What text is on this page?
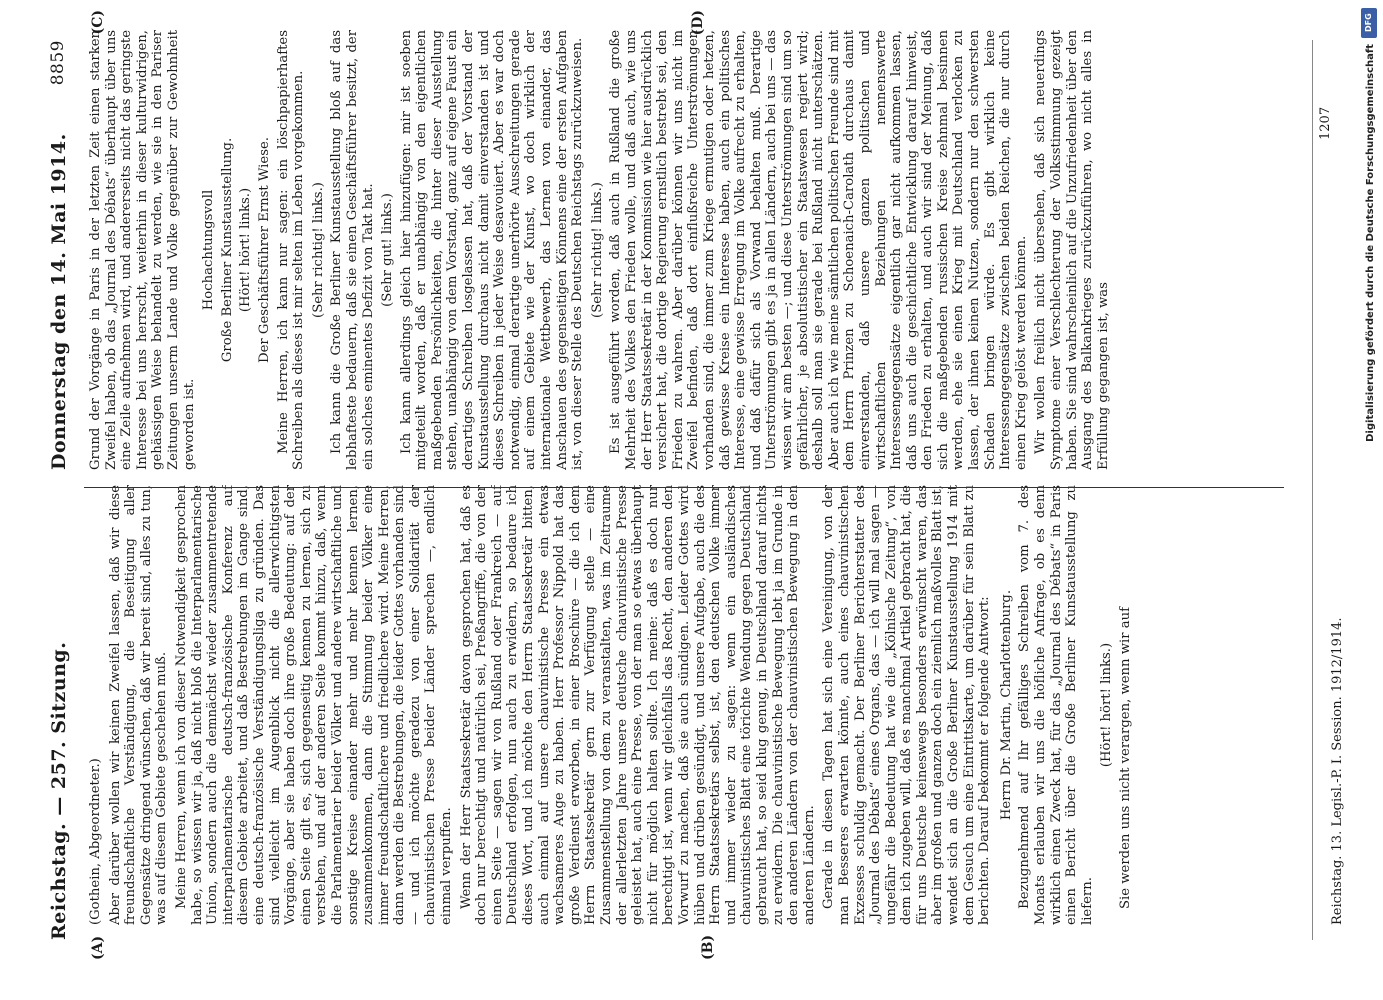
Reichstag. — 257. Sitzung.
Donnerstag den 14. Mai 1914.
8859
(A)	(B)
(C)	(D)

(Gothein, Abgeordneter.) Aber darüber wollen wir keinen Zweifel lassen, daß wir diese freundschaftliche Verständigung, die Beseitigung aller Gegensätze dringend wünschen, daß wir bereit sind, alles zu tun, was auf diesem Gebiete geschehen muß. Meine Herren, wenn ich von dieser Notwendigkeit gesprochen habe, so wissen wir ja, daß nicht bloß die Interparlamentarische Union, sondern auch die demnächst wieder zusammentretende interparlamentarische deutsch-französische Konferenz auf diesem Gebiete arbeitet, und daß Bestrebungen im Gange sind, eine deutsch-französische Verständigungsliga zu gründen. Das sind vielleicht im Augenblick nicht die allerwichtigsten Vorgänge, aber sie haben doch ihre große Bedeutung: auf der einen Seite gilt es, sich gegenseitig kennen zu lernen, sich zu verstehen, und auf der anderen Seite kommt hinzu, daß, wenn die Parlamentarier beider Völker und andere wirtschaftliche und sonstige Kreise einander mehr und mehr kennen lernen, zusammenkommen, dann die Stimmung beider Völker eine immer freundschaftlichere und friedlichere wird. Meine Herren, dann werden die Bestrebungen, die leider Gottes vorhanden sind — und ich möchte geradezu von einer Solidarität der chauvinistischen Presse beider Länder sprechen —, endlich einmal verpuffen. Wenn der Herr Staatssekretär davon gesprochen hat, daß es doch nur berechtigt und natürlich sei, Preßangriffe, die von der einen Seite — sagen wir von Rußland oder Frankreich — auf Deutschland erfolgen, nun auch zu erwidern, so bedaure ich dieses Wort, und ich möchte den Herrn Staatssekretär bitten, auch einmal auf unsere chauvinistische Presse ein etwas wachsameres Auge zu haben. Herr Professor Nippold hat das große Verdienst erworben, in einer Broschüre — die ich dem Herrn Staatssekretär gern zur Verfügung stelle — eine Zusammenstellung von dem zu veranstalten, was im Zeitraume der allerletzten Jahre unsere deutsche chauvinistische Presse geleistet hat, auch eine Presse, von der man so etwas überhaupt nicht für möglich halten sollte. Ich meine: daß es doch nur berechtigt ist, wenn wir gleichfalls das Recht, den anderen den Vorwurf zu machen, daß sie auch sündigen. Leider Gottes wird hüben und drüben gesündigt, und unsere Aufgabe, auch die des Herrn Staatssekretärs selbst, ist, den deutschen Volke immer und immer wieder zu sagen: wenn ein ausländisches chauvinistisches Blatt eine törichte Wendung gegen Deutschland gebraucht hat, so seid klug genug, in Deutschland darauf nichts zu erwidern. Die chauvinistische Bewegung lebt ja im Grunde in den anderen Ländern von der chauvinistischen Bewegung in den anderen Ländern. Gerade in diesen Tagen hat sich eine Vereinigung, von der man Besseres erwarten könnte, auch eines chauvinistischen Exzesses schuldig gemacht. Der Berliner Berichterstatter des „Journal des Débats“ eines Organs, das — ich will mal sagen — ungefähr die Bedeutung hat wie die „Kölnische Zeitung“, von dem ich zugeben will, daß es manchmal Artikel gebracht hat, die für uns Deutsche keineswegs besonders erwünscht waren, das aber im großen und ganzen doch ein ziemlich maßvolles Blatt ist, wendet sich an die Große Berliner Kunstausstellung 1914 mit dem Gesuch um eine Eintrittskarte, um darüber für sein Blatt zu berichten. Darauf bekommt er folgende Antwort: Herrn Dr. Martin, Charlottenburg. Bezugnehmend auf Ihr gefälliges Schreiben vom 7. des Monats erlauben wir uns die höfliche Anfrage, ob es denn wirklich einen Zweck hat, für das „Journal des Débats“ in Paris einen Bericht über die Große Berliner Kunstausstellung zu liefern.

(Hört! hört! links.) Sie werden uns nicht verargen, wenn wir auf

Grund der Vorgänge in Paris in der letzten Zeit einen starken Zweifel haben, ob das „Journal des Débats“ überhaupt über uns eine Zeile aufnehmen wird, und andererseits nicht das geringste Interesse bei uns herrscht, weiterhin in dieser kulturwidrigen, gehässigen Weise behandelt zu werden, wie sie in den Pariser Zeitungen unserm Lande und Volke gegenüber zur Gewohnheit geworden ist.

Hochachtungsvoll Große Berliner Kunstausstellung. (Hört! hört! links.) Der Geschäftsführer Ernst Wiese. Meine Herren, ich kann nur sagen: ein löschpapierhaftes Schreiben als dieses ist mir selten im Leben vorgekommen. (Sehr richtig! links.) Ich kann die Große Berliner Kunstausstellung bloß auf das lebhafteste bedauern, daß sie einen Geschäftsführer besitzt, der ein solches eminentes Defizit von Takt hat. (Sehr gut! links.) Ich kann allerdings gleich hier hinzufügen: mir ist soeben mitgeteilt worden, daß er unabhängig von den eigentlichen maßgebenden Persönlichkeiten, die hinter dieser Ausstellung stehen, unabhängig von dem Vorstand, ganz auf eigene Faust ein derartiges Schreiben losgelassen hat, daß der Vorstand der Kunstausstellung durchaus nicht damit einverstanden ist und dieses Schreiben in jeder Weise desavouiert. Aber es war doch notwendig, einmal derartige unerhörte Ausschreitungen gerade auf einem Gebiete wie der Kunst, wo doch wirklich der internationale Wettbewerb, das Lernen von einander, das Anschauen des gegenseitigen Könnens eine der ersten Aufgaben ist, von dieser Stelle des Deutschen Reichstags zurückzuweisen. (Sehr richtig! links.) Es ist ausgeführt worden, daß auch in Rußland die große Mehrheit des Volkes den Frieden wolle, und daß auch, wie uns der Herr Staatssekretär in der Kommission wie hier ausdrücklich versichert hat, die dortige Regierung ernstlich bestrebt sei, den Frieden zu wahren. Aber darüber können wir uns nicht im Zweifel befinden, daß dort einflußreiche Unterströmungen vorhanden sind, die immer zum Kriege ermutigen oder hetzen, daß gewisse Kreise ein Interesse haben, auch ein politisches Interesse, eine gewisse Erregung im Volke aufrecht zu erhalten, und daß dafür sich als Vorwand behalten muß. Derartige Unterströmungen gibt es ja in allen Ländern, auch bei uns — das wissen wir am besten —; und diese Unterströmungen sind um so gefährlicher, je absolutistischer ein Staatswesen regiert wird; deshalb soll man sie gerade bei Rußland nicht unterschätzen. Aber auch ich wie meine sämtlichen politischen Freunde sind mit dem Herrn Prinzen zu Schoenaich-Carolath durchaus damit einverstanden, daß unsere ganzen politischen und wirtschaftlichen Beziehungen nennenswerte Interessengegensätze eigentlich gar nicht aufkommen lassen, daß uns auch die geschichtliche Entwicklung darauf hinweist, den Frieden zu erhalten, und auch wir sind der Meinung, daß sich die maßgebenden russischen Kreise zehnmal besinnen werden, ehe sie einen Krieg mit Deutschland verlocken zu lassen, der ihnen keinen Nutzen, sondern nur den schwersten Schaden bringen würde. Es gibt wirklich keine Interessengegensätze zwischen beiden Reichen, die nur durch einen Krieg gelöst werden können. Wir wollen freilich nicht übersehen, daß sich neuerdings Symptome einer Verschlechterung der Volksstimmung gezeigt haben. Sie sind wahrscheinlich auf die Unzufriedenheit über den Ausgang des Balkankrieges zurückzuführen, wo nicht alles in Erfüllung gegangen ist, was

Reichstag. 13. Legisl.-P. I. Session. 1912/1914.
1207
DFG
Digitalisierung gefördert durch die Deutsche Forschungsgemeinschaft
